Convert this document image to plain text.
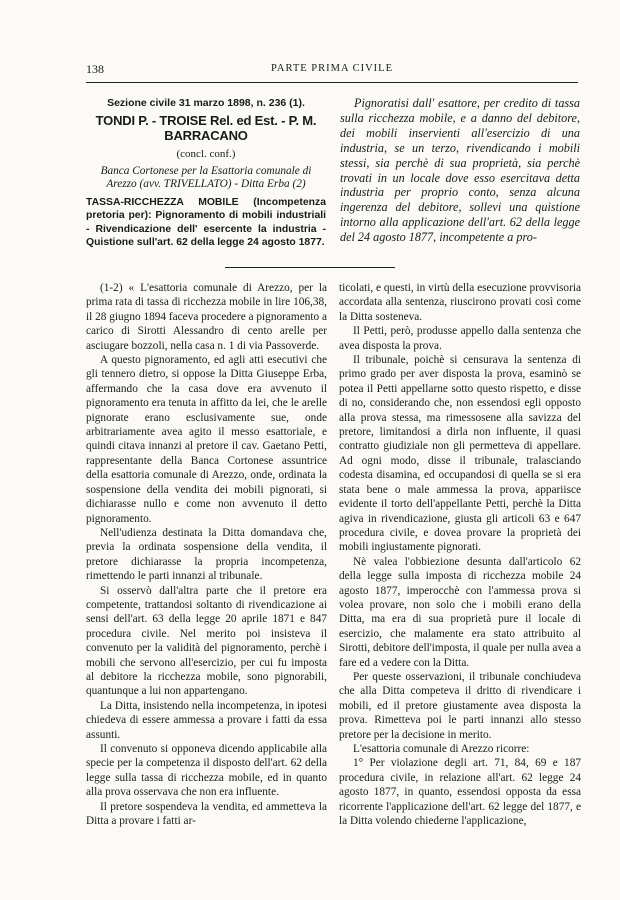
138	PARTE PRIMA CIVILE

Sezione civile 31 marzo 1898, n. 236 (1).

TONDI P. - TROISE Rel. ed Est. - P. M. BARRACANO

(concl. conf.)

Banca Cortonese per la Esattoria comunale di Arezzo (avv. TRIVELLATO) - Ditta Erba (2)

TASSA-RICCHEZZA MOBILE (Incompetenza pretoria per): Pignoramento di mobili industriali - Rivendicazione dell' esercente la industria - Quistione sull'art. 62 della legge 24 agosto 1877.

Pignoratisi dall' esattore, per credito di tassa sulla ricchezza mobile, e a danno del debitore, dei mobili inservienti all'esercizio di una industria, se un terzo, rivendicando i mobili stessi, sia perchè di sua proprietà, sia perchè trovati in un locale dove esso esercitava detta industria per proprio conto, senza alcuna ingerenza del debitore, sollevi una quistione intorno alla applicazione dell'art. 62 della legge del 24 agosto 1877, incompetente a pro-

(1-2) « L'esattoria comunale di Arezzo, per la prima rata di tassa di ricchezza mobile in lire 106,38, il 28 giugno 1894 faceva procedere a pignoramento a carico di Sirotti Alessandro di cento arelle per asciugare bozzoli, nella casa n. 1 di via Passoverde.

A questo pignoramento, ed agli atti esecutivi che gli tennero dietro, si oppose la Ditta Giuseppe Erba, affermando che la casa dove era avvenuto il pignoramento era tenuta in affitto da lei, che le arelle pignorate erano esclusivamente sue, onde arbitrariamente avea agito il messo esattoriale, e quindi citava innanzi al pretore il cav. Gaetano Petti, rappresentante della Banca Cortonese assuntrice della esattoria comunale di Arezzo, onde, ordinata la sospensione della vendita dei mobili pignorati, si dichiarasse nullo e come non avvenuto il detto pignoramento.

Nell'udienza destinata la Ditta domandava che, previa la ordinata sospensione della vendita, il pretore dichiarasse la propria incompetenza, rimettendo le parti innanzi al tribunale.

Si osservò dall'altra parte che il pretore era competente, trattandosi soltanto di rivendicazione ai sensi dell'art. 63 della legge 20 aprile 1871 e 847 procedura civile. Nel merito poi insisteva il convenuto per la validità del pignoramento, perchè i mobili che servono all'esercizio, per cui fu imposta al debitore la ricchezza mobile, sono pignorabili, quantunque a lui non appartengano.

La Ditta, insistendo nella incompetenza, in ipotesi chiedeva di essere ammessa a provare i fatti da essa assunti.

Il convenuto si opponeva dicendo applicabile alla specie per la competenza il disposto dell'art. 62 della legge sulla tassa di ricchezza mobile, ed in quanto alla prova osservava che non era influente.

Il pretore sospendeva la vendita, ed ammetteva la Ditta a provare i fatti ar-

ticolati, e questi, in virtù della esecuzione provvisoria accordata alla sentenza, riuscirono provati così come la Ditta sosteneva.

Il Petti, però, produsse appello dalla sentenza che avea disposta la prova.

Il tribunale, poichè si censurava la sentenza di primo grado per aver disposta la prova, esaminò se potea il Petti appellarne sotto questo rispetto, e disse di no, considerando che, non essendosi egli opposto alla prova stessa, ma rimessosene alla savizza del pretore, limitandosi a dirla non influente, il quasi contratto giudiziale non gli permetteva di appellare. Ad ogni modo, disse il tribunale, tralasciando codesta disamina, ed occupandosi di quella se si era stata bene o male ammessa la prova, appariisce evidente il torto dell'appellante Petti, perchè la Ditta agiva in rivendicazione, giusta gli articoli 63 e 647 procedura civile, e dovea provare la proprietà dei mobili ingiustamente pignorati.

Nè valea l'obbiezione desunta dall'articolo 62 della legge sulla imposta di ricchezza mobile 24 agosto 1877, imperocchè con l'ammessa prova si volea provare, non solo che i mobili erano della Ditta, ma era di sua proprietà pure il locale di esercizio, che malamente era stato attribuito al Sirotti, debitore dell'imposta, il quale per nulla avea a fare ed a vedere con la Ditta.

Per queste osservazioni, il tribunale conchiudeva che alla Ditta competeva il dritto di rivendicare i mobili, ed il pretore giustamente avea disposta la prova. Rimetteva poi le parti innanzi allo stesso pretore per la decisione in merito.

L'esattoria comunale di Arezzo ricorre:

1° Per violazione degli art. 71, 84, 69 e 187 procedura civile, in relazione all'art. 62 legge 24 agosto 1877, in quanto, essendosi opposta da essa ricorrente l'applicazione dell'art. 62 legge del 1877, e la Ditta volendo chiederne l'applicazione,
